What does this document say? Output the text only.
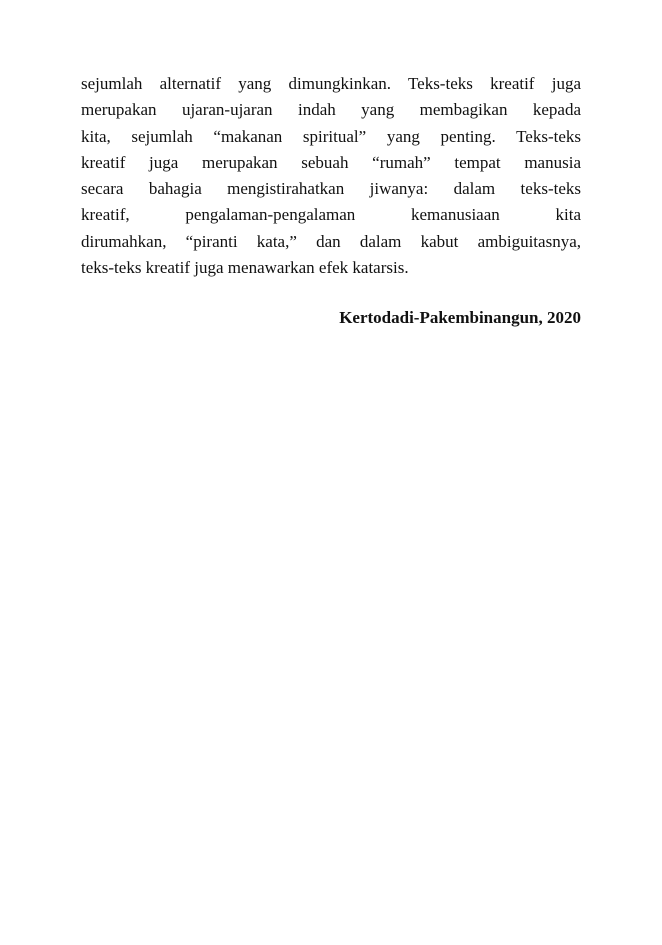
sejumlah alternatif yang dimungkinkan. Teks-teks kreatif juga
merupakan ujaran-ujaran indah yang membagikan kepada
kita, sejumlah “makanan spiritual” yang penting. Teks-teks
kreatif juga merupakan sebuah “rumah” tempat manusia
secara bahagia mengistirahatkan jiwanya: dalam teks-teks
kreatif, pengalaman-pengalaman kemanusiaan kita
dirumahkan, “piranti kata,” dan dalam kabut ambiguitasnya,
teks-teks kreatif juga menawarkan efek katarsis.
Kertodadi-Pakembinangun, 2020
